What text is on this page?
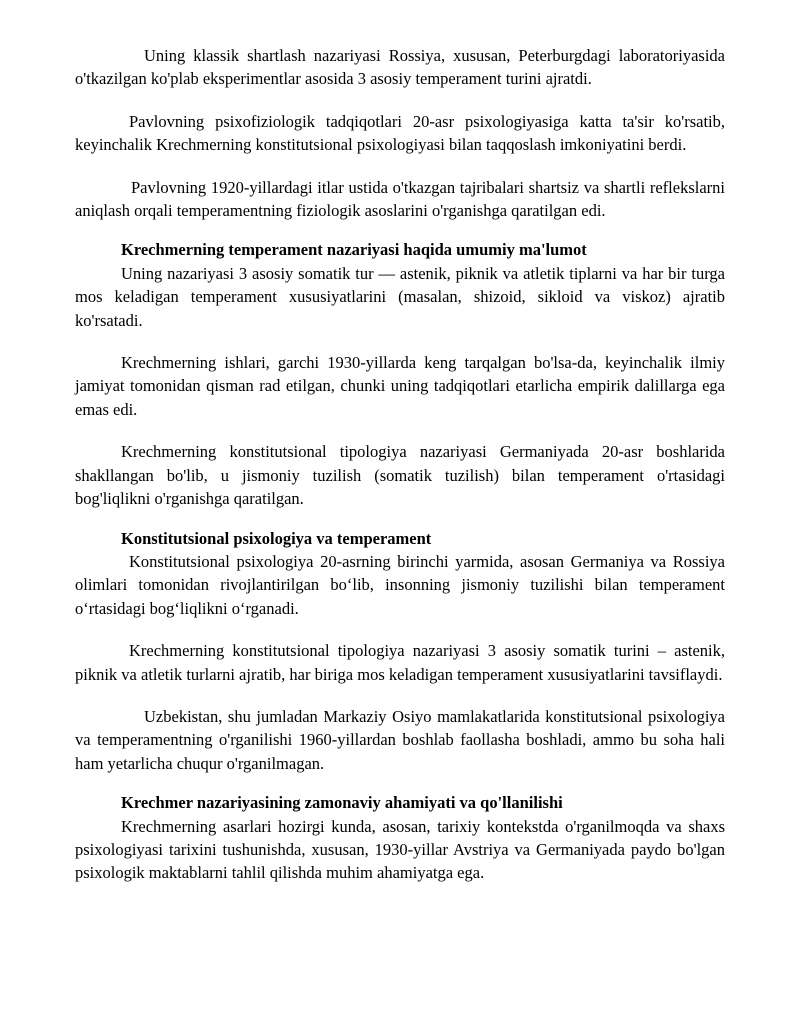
Uning klassik shartlash nazariyasi Rossiya, xususan, Peterburgdagi laboratoriyasida o'tkazilgan ko'plab eksperimentlar asosida 3 asosiy temperament turini ajratdi.

Pavlovning psixofiziologik tadqiqotlari 20-asr psixologiyasiga katta ta'sir ko'rsatib, keyinchalik Krechmerning konstitutsional psixologiyasi bilan taqqoslash imkoniyatini berdi.

Pavlovning 1920-yillardagi itlar ustida o'tkazgan tajribalari shartsiz va shartli reflekslarni aniqlash orqali temperamentning fiziologik asoslarini o'rganishga qaratilgan edi.

Krechmerning temperament nazariyasi haqida umumiy ma'lumot

Uning nazariyasi 3 asosiy somatik tur — astenik, piknik va atletik tiplarni va har bir turga mos keladigan temperament xususiyatlarini (masalan, shizoid, sikloid va viskoz) ajratib ko'rsatadi.

Krechmerning ishlari, garchi 1930-yillarda keng tarqalgan bo'lsa-da, keyinchalik ilmiy jamiyat tomonidan qisman rad etilgan, chunki uning tadqiqotlari etarlicha empirik dalillarga ega emas edi.

Krechmerning konstitutsional tipologiya nazariyasi Germaniyada 20-asr boshlarida shakllangan bo'lib, u jismoniy tuzilish (somatik tuzilish) bilan temperament o'rtasidagi bog'liqlikni o'rganishga qaratilgan.

Konstitutsional psixologiya va temperament

Konstitutsional psixologiya 20-asrning birinchi yarmida, asosan Germaniya va Rossiya olimlari tomonidan rivojlantirilgan boʻlib, insonning jismoniy tuzilishi bilan temperament oʻrtasidagi bogʻliqlikni oʻrganadi.

Krechmerning konstitutsional tipologiya nazariyasi 3 asosiy somatik turini – astenik, piknik va atletik turlarni ajratib, har biriga mos keladigan temperament xususiyatlarini tavsiflaydi.

Uzbekistan, shu jumladan Markaziy Osiyo mamlakatlarida konstitutsional psixologiya va temperamentning o'rganilishi 1960-yillardan boshlab faollasha boshladi, ammo bu soha hali ham yetarlicha chuqur o'rganilmagan.

Krechmer nazariyasining zamonaviy ahamiyati va qo'llanilishi

Krechmerning asarlari hozirgi kunda, asosan, tarixiy kontekstda o'rganilmoqda va shaxs psixologiyasi tarixini tushunishda, xususan, 1930-yillar Avstriya va Germaniyada paydo bo'lgan psixologik maktablarni tahlil qilishda muhim ahamiyatga ega.
